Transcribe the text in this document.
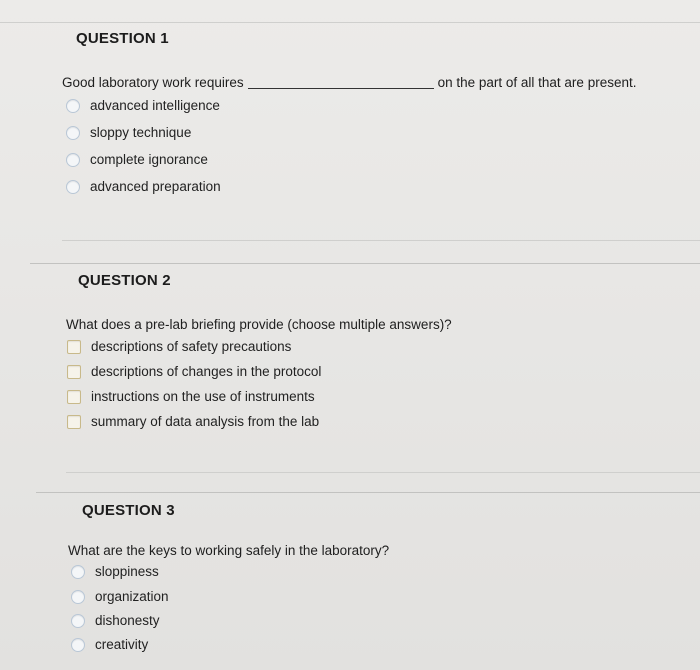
QUESTION 1
Good laboratory work requires	on the part of all that are present.
advanced intelligence
sloppy technique
complete ignorance
advanced preparation
QUESTION 2
What does a pre-lab briefing provide (choose multiple answers)?
descriptions of safety precautions
descriptions of changes in the protocol
instructions on the use of instruments
summary of data analysis from the lab
QUESTION 3
What are the keys to working safely in the laboratory?
sloppiness
organization
dishonesty
creativity
